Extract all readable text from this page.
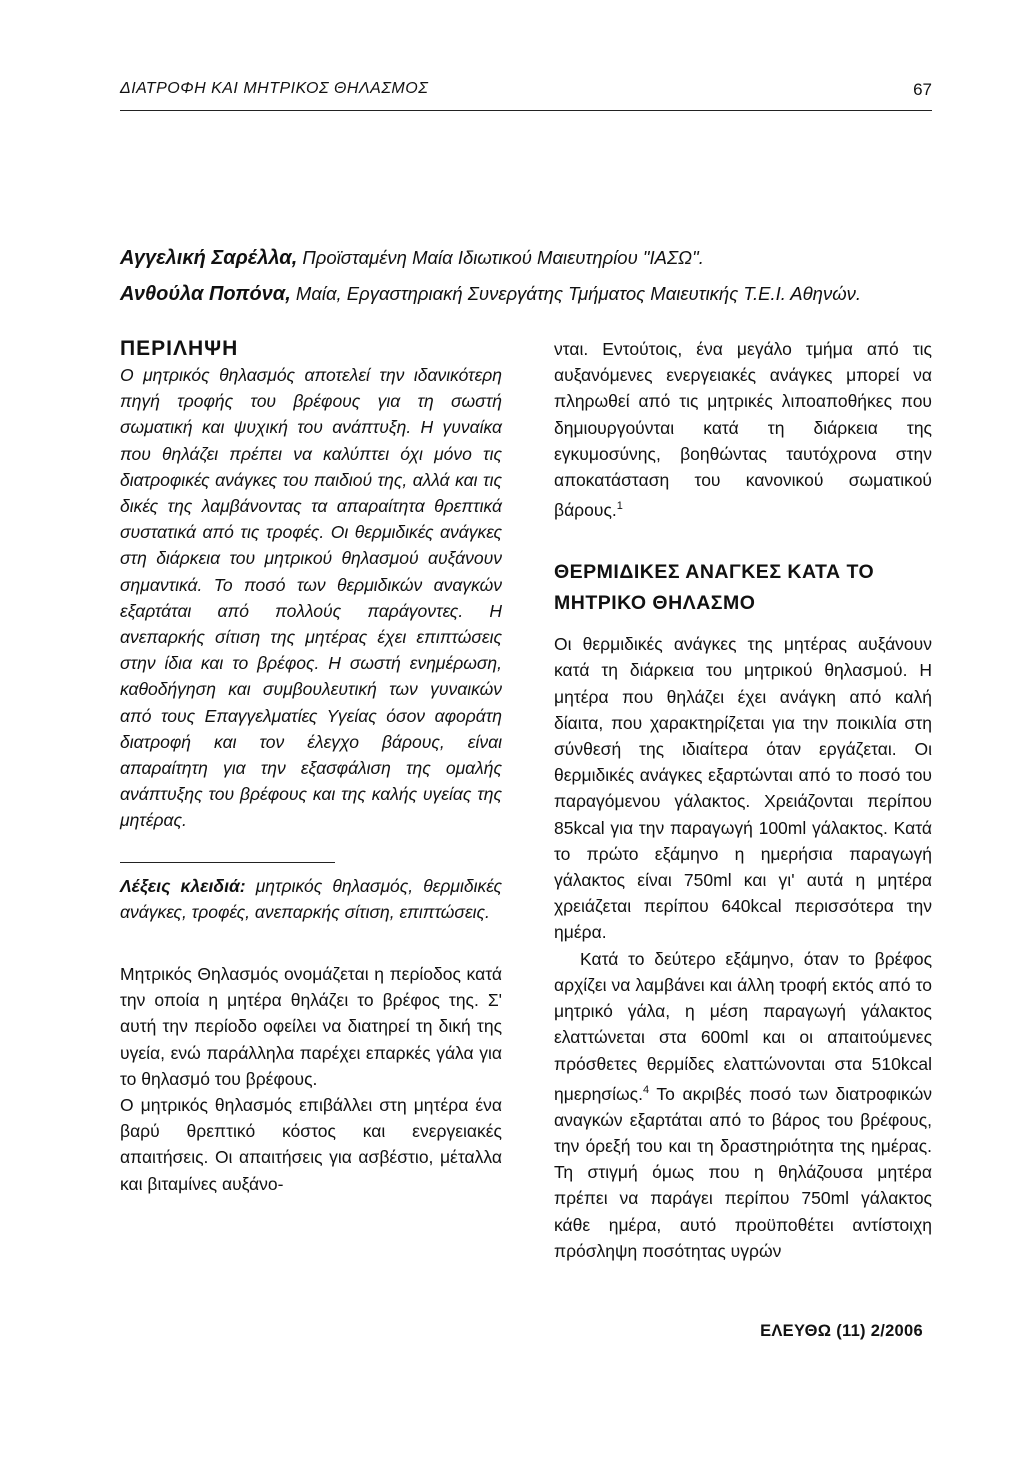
ΔΙΑΤΡΟΦΗ ΚΑΙ ΜΗΤΡΙΚΟΣ ΘΗΛΑΣΜΟΣ	67
Αγγελική Σαρέλλα, Προϊσταμένη Μαία Ιδιωτικού Μαιευτηρίου "ΙΑΣΩ".
Ανθούλα Ποπόνα, Μαία, Εργαστηριακή Συνεργάτης Τμήματος Μαιευτικής Τ.Ε.Ι. Αθηνών.
ΠΕΡΙΛΗΨΗ

Ο μητρικός θηλασμός αποτελεί την ιδανικότερη πηγή τροφής του βρέφους για τη σωστή σωματική και ψυχική του ανάπτυξη. Η γυναίκα που θηλάζει πρέπει να καλύπτει όχι μόνο τις διατροφικές ανάγκες του παιδιού της, αλλά και τις δικές της λαμβάνοντας τα απαραίτητα θρεπτικά συστατικά από τις τροφές. Οι θερμιδικές ανάγκες στη διάρκεια του μητρικού θηλασμού αυξάνουν σημαντικά. Το ποσό των θερμιδικών αναγκών εξαρτάται από πολλούς παράγοντες. Η ανεπαρκής σίτιση της μητέρας έχει επιπτώσεις στην ίδια και το βρέφος. Η σωστή ενημέρωση, καθοδήγηση και συμβουλευτική των γυναικών από τους Επαγγελματίες Υγείας όσον αφοράτη διατροφή και τον έλεγχο βάρους, είναι απαραίτητη για την εξασφάλιση της ομαλής ανάπτυξης του βρέφους και της καλής υγείας της μητέρας.

Λέξεις κλειδιά: μητρικός θηλασμός, θερμιδικές ανάγκες, τροφές, ανεπαρκής σίτιση, επιπτώσεις.

Μητρικός Θηλασμός ονομάζεται η περίοδος κατά την οποία η μητέρα θηλάζει το βρέφος της. Σ' αυτή την περίοδο οφείλει να διατηρεί τη δική της υγεία, ενώ παράλληλα παρέχει επαρκές γάλα για το θηλασμό του βρέφους.

Ο μητρικός θηλασμός επιβάλλει στη μητέρα ένα βαρύ θρεπτικό κόστος και ενεργειακές απαιτήσεις. Οι απαιτήσεις για ασβέστιο, μέταλλα και βιταμίνες αυξάνο-

νται. Εντούτοις, ένα μεγάλο τμήμα από τις αυξανόμενες ενεργειακές ανάγκες μπορεί να πληρωθεί από τις μητρικές λιποαποθήκες που δημιουργούνται κατά τη διάρκεια της εγκυμοσύνης, βοηθώντας ταυτόχρονα στην αποκατάσταση του κανονικού σωματικού βάρους.$^1$

ΘΕΡΜΙΔΙΚΕΣ ΑΝΑΓΚΕΣ ΚΑΤΑ ΤΟ ΜΗΤΡΙΚΟ ΘΗΛΑΣΜΟ

Οι θερμιδικές ανάγκες της μητέρας αυξάνουν κατά τη διάρκεια του μητρικού θηλασμού. Η μητέρα που θηλάζει έχει ανάγκη από καλή δίαιτα, που χαρακτηρίζεται για την ποικιλία στη σύνθεσή της ιδιαίτερα όταν εργάζεται. Οι θερμιδικές ανάγκες εξαρτώνται από το ποσό του παραγόμενου γάλακτος. Χρειάζονται περίπου 85kcal για την παραγωγή 100ml γάλακτος. Κατά το πρώτο εξάμηνο η ημερήσια παραγωγή γάλακτος είναι 750ml και γι' αυτά η μητέρα χρειάζεται περίπου 640kcal περισσότερα την ημέρα.

Κατά το δεύτερο εξάμηνο, όταν το βρέφος αρχίζει να λαμβάνει και άλλη τροφή εκτός από το μητρικό γάλα, η μέση παραγωγή γάλακτος ελαττώνεται στα 600ml και οι απαιτούμενες πρόσθετες θερμίδες ελαττώνονται στα 510kcal ημερησίως.$^4$ Το ακριβές ποσό των διατροφικών αναγκών εξαρτάται από το βάρος του βρέφους, την όρεξή του και τη δραστηριότητα της ημέρας. Τη στιγμή όμως που η θηλάζουσα μητέρα πρέπει να παράγει περίπου 750ml γάλακτος κάθε ημέρα, αυτό προϋποθέτει αντίστοιχη πρόσληψη ποσότητας υγρών

ΕΛΕΥΘΩ (11) 2/2006
